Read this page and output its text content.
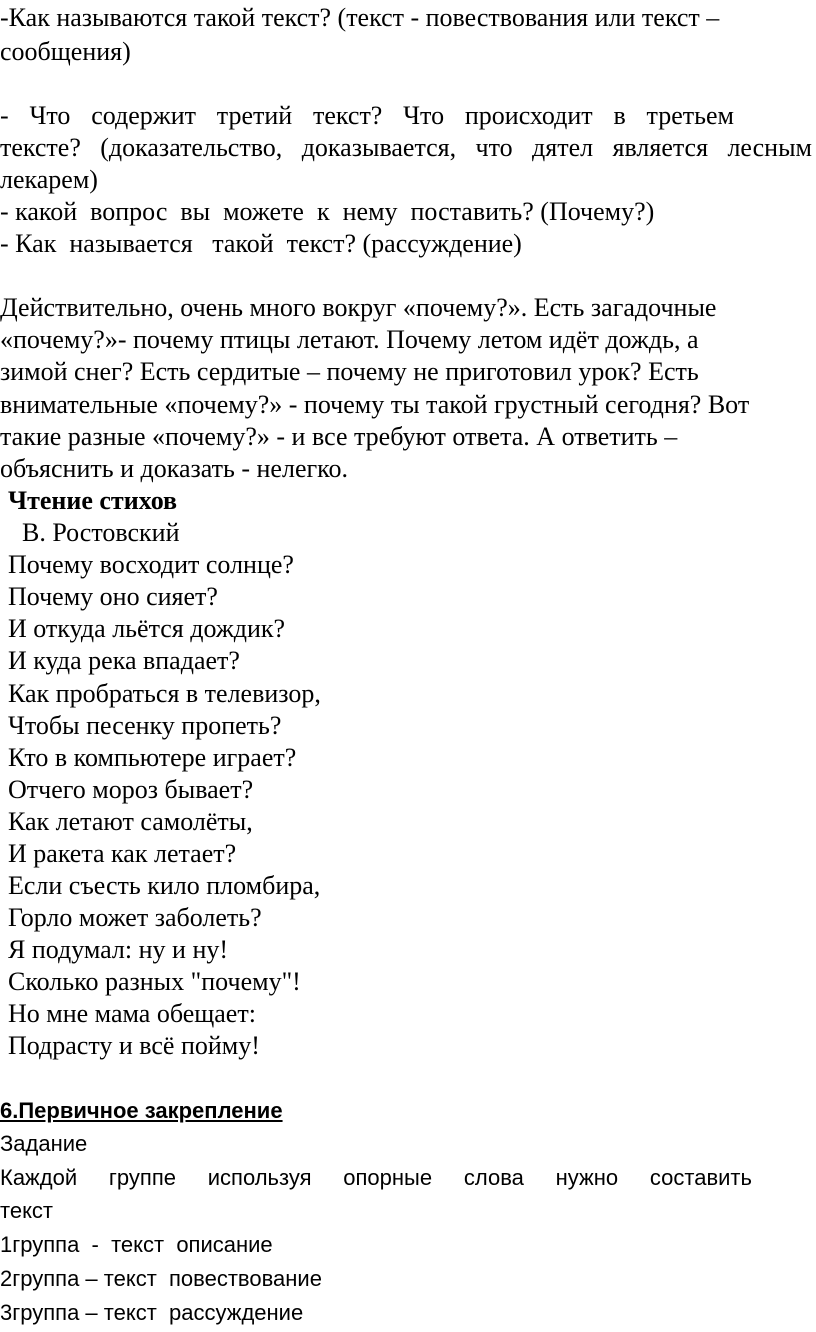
-Как называются такой текст? (текст - повествования или текст –
сообщения)
- Что содержит третий текст? Что происходит в третьем
тексте? (доказательство, доказывается, что дятел является лесным
лекарем)
- какой  вопрос  вы  можете  к  нему  поставить? (Почему?)
- Как  называется   такой  текст? (рассуждение)
Действительно, очень много вокруг «почему?». Есть загадочные
«почему?»- почему птицы летают. Почему летом идёт дождь, а
зимой снег? Есть сердитые – почему не приготовил урок? Есть
внимательные «почему?» - почему ты такой грустный сегодня? Вот
такие разные «почему?» - и все требуют ответа. А ответить –
объяснить и доказать - нелегко.
Чтение стихов
В. Ростовский
Почему восходит солнце?
Почему оно сияет?
И откуда льётся дождик?
И куда река впадает?
Как пробраться в телевизор,
Чтобы песенку пропеть?
Кто в компьютере играет?
Отчего мороз бывает?
Как летают самолёты,
И ракета как летает?
Если съесть кило пломбира,
Горло может заболеть?
Я подумал: ну и ну!
Сколько разных "почему"!
Но мне мама обещает:
Подрасту и всё пойму!
6.Первичное закрепление
Задание
Каждой группе используя опорные слова нужно составить
текст
1группа  -  текст  описание
2группа – текст  повествование
3группа – текст  рассуждение
